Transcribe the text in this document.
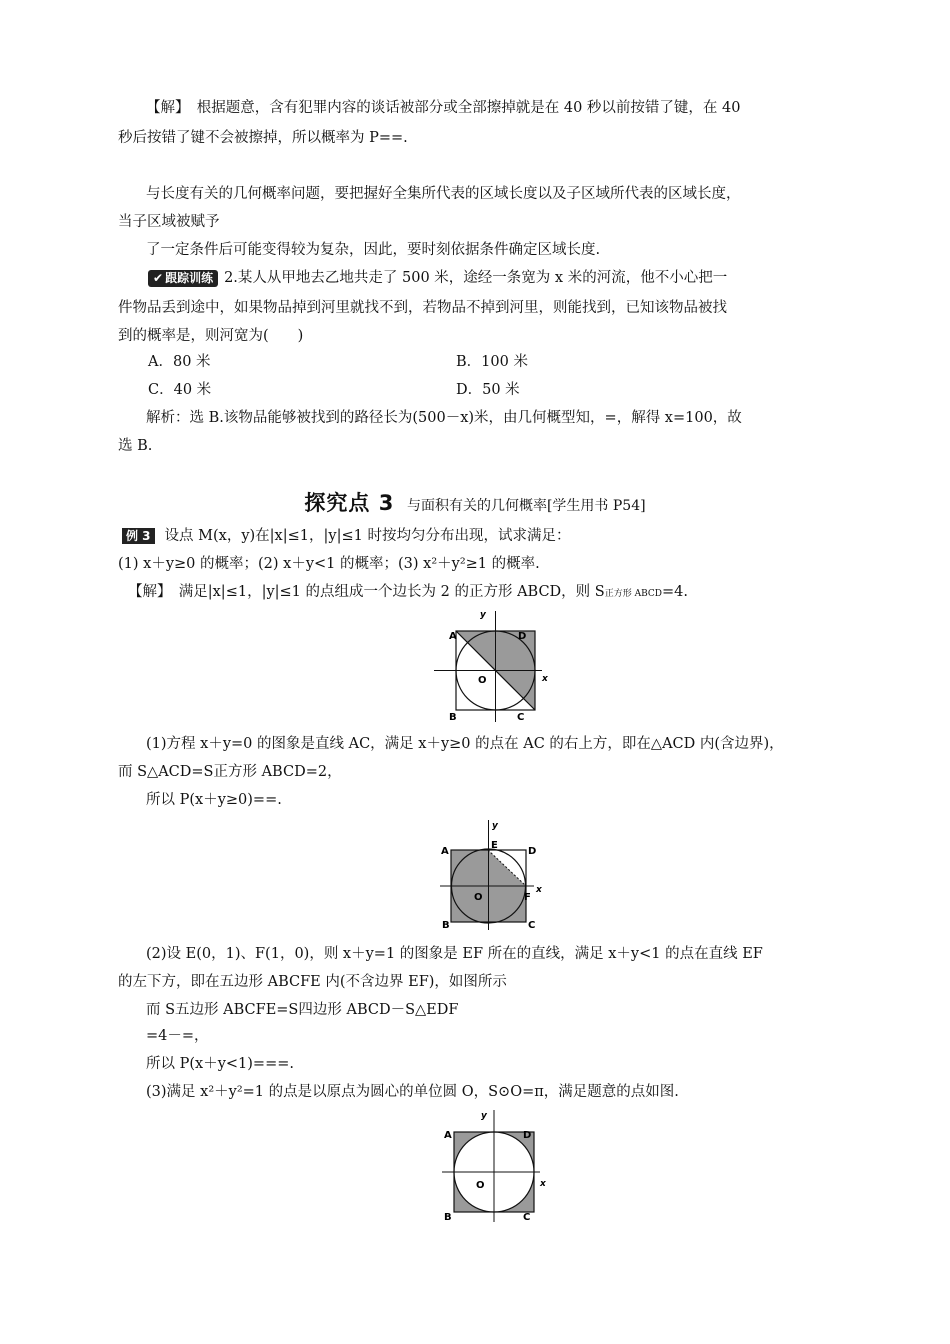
【解】　根据题意，含有犯罪内容的谈话被部分或全部擦掉就是在 40 秒以前按错了键，在 40
秒后按错了键不会被擦掉，所以概率为 P==.
与长度有关的几何概率问题，要把握好全集所代表的区域长度以及子区域所代表的区域长度，
当子区域被赋予
了一定条件后可能变得较为复杂，因此，要时刻依据条件确定区域长度.
✔ 跟踪训练 2.某人从甲地去乙地共走了 500 米，途经一条宽为 x 米的河流，他不小心把一
件物品丢到途中，如果物品掉到河里就找不到，若物品不掉到河里，则能找到，已知该物品被找
到的概率是，则河宽为(　　)
A．80 米	B．100 米
C．40 米	D．50 米
解析：选 B.该物品能够被找到的路径长为(500－x)米，由几何概型知，=，解得 x=100，故
选 B.
探究点 3 与面积有关的几何概率[学生用书 P54]
例 3 设点 M(x，y)在|x|≤1，|y|≤1 时按均匀分布出现，试求满足：
(1) x＋y≥0 的概率；(2) x＋y<1 的概率；(3) x²＋y²≥1 的概率.
【解】　满足|x|≤1，|y|≤1 的点组成一个边长为 2 的正方形 ABCD，则 S正方形 ABCD=4.
A	D
B	C
O	x
y
(1)方程 x＋y=0 的图象是直线 AC，满足 x＋y≥0 的点在 AC 的右上方，即在△ACD 内(含边界)，
而 S△ACD=S正方形 ABCD=2，
所以 P(x＋y≥0)==.
A	D
E
B	C
O	F
x
y
(2)设 E(0，1)、F(1，0)，则 x＋y=1 的图象是 EF 所在的直线，满足 x＋y<1 的点在直线 EF
的左下方，即在五边形 ABCFE 内(不含边界 EF)，如图所示
而 S五边形 ABCFE=S四边形 ABCD－S△EDF
=4－=，
所以 P(x＋y<1)===.
(3)满足 x²＋y²=1 的点是以原点为圆心的单位圆 O，S⊙O=π，满足题意的点如图.
A	D
B	C
O	x
y
